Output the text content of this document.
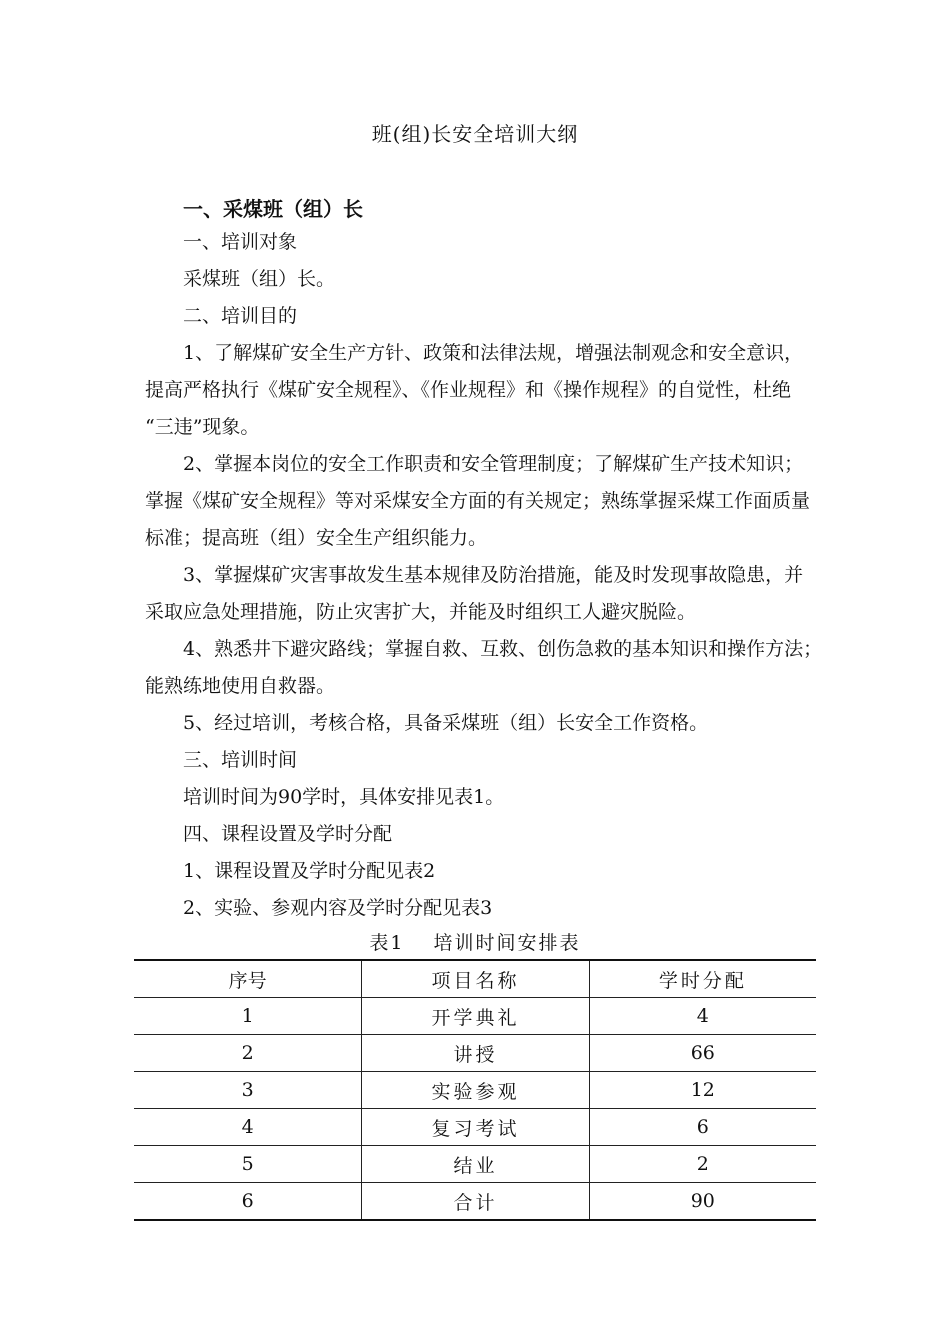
班(组)长安全培训大纲
一、采煤班（组）长
一、培训对象
采煤班（组）长。
二、培训目的
1、了解煤矿安全生产方针、政策和法律法规，增强法制观念和安全意识，
提高严格执行《煤矿安全规程》、《作业规程》和《操作规程》的自觉性，杜绝
“三违”现象。
2、掌握本岗位的安全工作职责和安全管理制度；了解煤矿生产技术知识；
掌握《煤矿安全规程》等对采煤安全方面的有关规定；熟练掌握采煤工作面质量
标准；提高班（组）安全生产组织能力。
3、掌握煤矿灾害事故发生基本规律及防治措施，能及时发现事故隐患，并
采取应急处理措施，防止灾害扩大，并能及时组织工人避灾脱险。
4、熟悉井下避灾路线；掌握自救、互救、创伤急救的基本知识和操作方法；
能熟练地使用自救器。
5、经过培训，考核合格，具备采煤班（组）长安全工作资格。
三、培训时间
培训时间为90学时，具体安排见表1。
四、课程设置及学时分配
1、课程设置及学时分配见表2
2、实验、参观内容及学时分配见表3
表1　 培训时间安排表
序号	项目名称	学时分配
1	开学典礼	4
2	讲授	66
3	实验参观	12
4	复习考试	6
5	结业	2
6	合计	90
